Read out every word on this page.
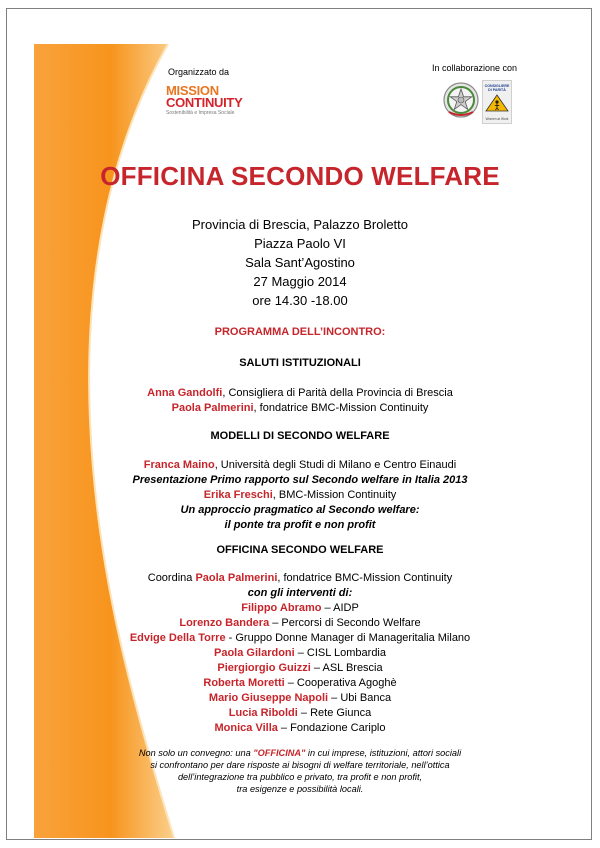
Organizzato da	In collaborazione con
MISSION
CONTINUITY
Sostenibilità e Impresa Sociale
CONSIGLIERE DI PARITÀ
Women at Work
OFFICINA SECONDO WELFARE
Provincia di Brescia, Palazzo Broletto
Piazza Paolo VI
Sala Sant’Agostino
27 Maggio 2014
ore 14.30 -18.00
PROGRAMMA DELL’INCONTRO:
SALUTI ISTITUZIONALI
Anna Gandolfi, Consigliera di Parità della Provincia di Brescia
Paola Palmerini, fondatrice BMC-Mission Continuity
MODELLI DI SECONDO WELFARE
Franca Maino, Università degli Studi di Milano e Centro Einaudi
Presentazione Primo rapporto sul Secondo welfare in Italia 2013
Erika Freschi, BMC-Mission Continuity
Un approccio pragmatico al Secondo welfare:
il ponte tra profit e non profit
OFFICINA SECONDO WELFARE
Coordina Paola Palmerini, fondatrice BMC-Mission Continuity
con gli interventi di:
Filippo Abramo – AIDP
Lorenzo Bandera – Percorsi di Secondo Welfare
Edvige Della Torre - Gruppo Donne Manager di Manageritalia Milano
Paola Gilardoni – CISL Lombardia
Piergiorgio Guizzi – ASL Brescia
Roberta Moretti – Cooperativa Agoghè
Mario Giuseppe Napoli – Ubi Banca
Lucia Riboldi – Rete Giunca
Monica Villa – Fondazione Cariplo
Non solo un convegno: una "OFFICINA" in cui imprese, istituzioni, attori sociali
si confrontano per dare risposte ai bisogni di welfare territoriale, nell’ottica
dell’integrazione tra pubblico e privato, tra profit e non profit,
tra esigenze e possibilità locali.
